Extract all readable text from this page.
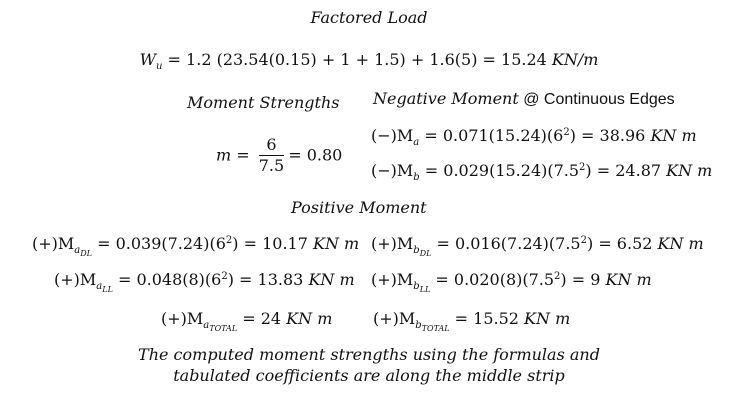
Factored Load
$W_u = 1.2$ (23.54(0.15) + 1 + 1.5) + 1.6(5) = 15.24 KN/m
Moment Strengths Negative Moment @ Continuous Edges
$m = \frac{6}{7.5} = 0.80$
$(-)M_a = 0.071(15.24)(6^2) = 38.96$ KN m
$(-)M_b = 0.029(15.24)(7.5^2) = 24.87$ KN m
Positive Moment
$(+)M_{a_{DL}} = 0.039(7.24)(6^2) = 10.17$ KN m $(+)M_{b_{DL}} = 0.016(7.24)(7.5^2) = 6.52$ KN m
$(+)M_{a_{LL}} = 0.048(8)(6^2) = 13.83$ KN m $(+)M_{b_{LL}} = 0.020(8)(7.5^2) = 9$ KN m
$(+)M_{a_{TOTAL}} = 24$ KN m	$(+)M_{b_{TOTAL}} = 15.52$ KN m
The computed moment strengths using the formulas and
tabulated coefficients are along the middle strip
